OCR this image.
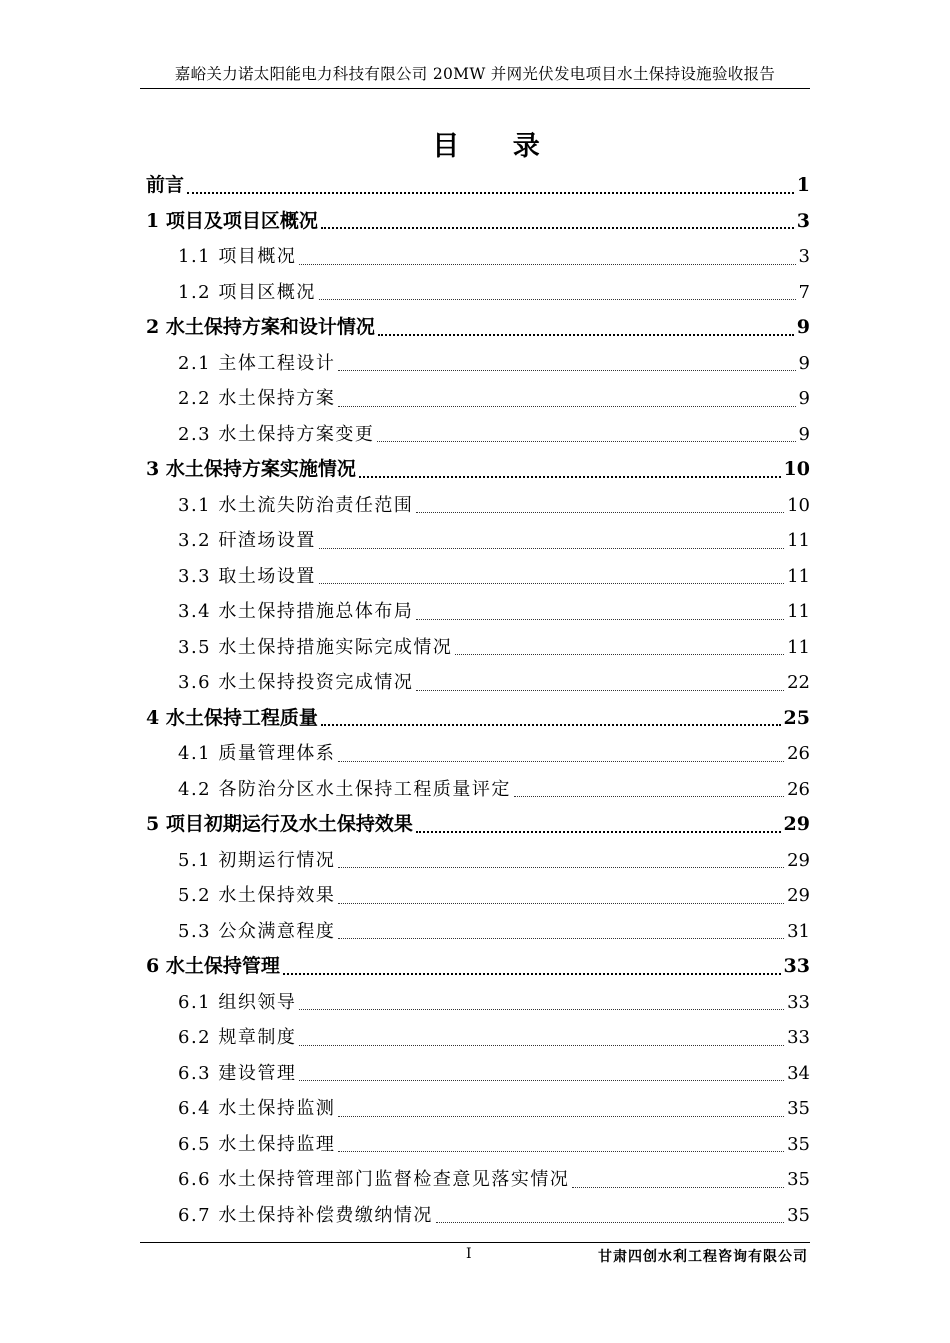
嘉峪关力诺太阳能电力科技有限公司 20MW 并网光伏发电项目水土保持设施验收报告
目 录
前言	1
1 项目及项目区概况	3
1.1 项目概况	3
1.2 项目区概况	7
2 水土保持方案和设计情况	9
2.1 主体工程设计	9
2.2 水土保持方案	9
2.3 水土保持方案变更	9
3 水土保持方案实施情况	10
3.1 水土流失防治责任范围	10
3.2 矸渣场设置	11
3.3 取土场设置	11
3.4 水土保持措施总体布局	11
3.5 水土保持措施实际完成情况	11
3.6 水土保持投资完成情况	22
4 水土保持工程质量	25
4.1 质量管理体系	26
4.2 各防治分区水土保持工程质量评定	26
5 项目初期运行及水土保持效果	29
5.1 初期运行情况	29
5.2 水土保持效果	29
5.3 公众满意程度	31
6 水土保持管理	33
6.1 组织领导	33
6.2 规章制度	33
6.3 建设管理	34
6.4 水土保持监测	35
6.5 水土保持监理	35
6.6 水土保持管理部门监督检查意见落实情况	35
6.7 水土保持补偿费缴纳情况	35
I	甘肃四创水利工程咨询有限公司
